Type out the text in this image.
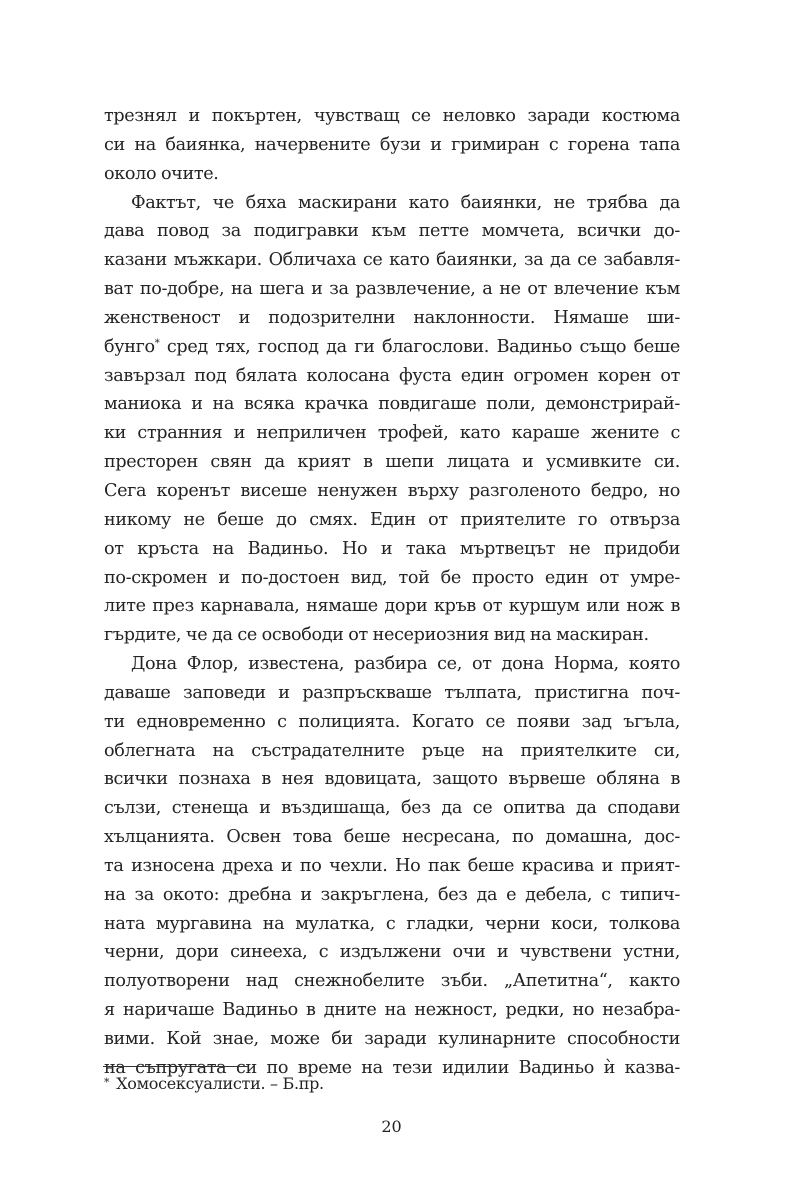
трезнял и покъртен, чувстващ се неловко заради костюма
си на баиянка, начервените бузи и гримиран с горена тапа
около очите.
Фактът, че бяха маскирани като баиянки, не трябва да
дава повод за подигравки към петте момчета, всички до-
казани мъжкари. Обличаха се като баиянки, за да се забавля-
ват по-добре, на шега и за развлечение, а не от влечение към
женственост и подозрителни наклонности. Нямаше ши-
бунго* сред тях, господ да ги благослови. Вадиньо също беше
завързал под бялата колосана фуста един огромен корен от
маниока и на всяка крачка повдигаше поли, демонстрирай-
ки странния и неприличен трофей, като караше жените с
престорен свян да крият в шепи лицата и усмивките си.
Сега коренът висеше ненужен върху разголеното бедро, но
никому не беше до смях. Един от приятелите го отвърза
от кръста на Вадиньо. Но и така мъртвецът не придоби
по-скромен и по-достоен вид, той бе просто един от умре-
лите през карнавала, нямаше дори кръв от куршум или нож в
гърдите, че да се освободи от несериозния вид на маскиран.
Дона Флор, известена, разбира се, от дона Норма, която
даваше заповеди и разпръскваше тълпата, пристигна поч-
ти едновременно с полицията. Когато се появи зад ъгъла,
облегната на състрадателните ръце на приятелките си,
всички познаха в нея вдовицата, защото вървеше обляна в
сълзи, стенеща и въздишаща, без да се опитва да сподави
хълцанията. Освен това беше несресана, по домашна, дос-
та износена дреха и по чехли. Но пак беше красива и прият-
на за окото: дребна и закръглена, без да е дебела, с типич-
ната мургавина на мулатка, с гладки, черни коси, толкова
черни, дори синееха, с издължени очи и чувствени устни,
полуотворени над снежнобелите зъби. „Апетитна“, както
я наричаше Вадиньо в дните на нежност, редки, но незабра-
вими. Кой знае, може би заради кулинарните способности
на съпругата си по време на тези идилии Вадиньо ѝ казва-
* Хомосексуалисти. – Б.пр.
20
